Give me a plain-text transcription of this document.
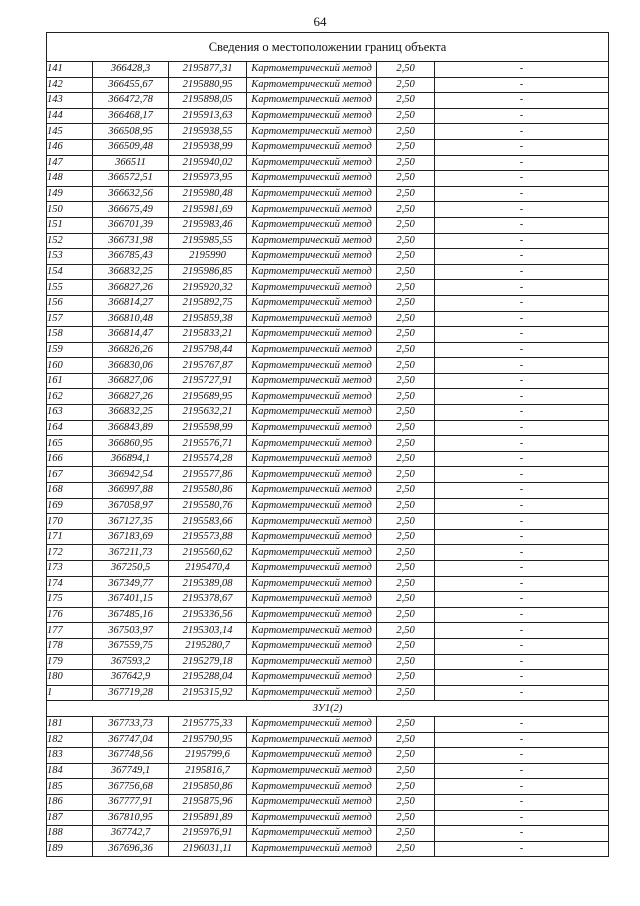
64
Сведения о местоположении границ объекта					
141	366428,3	2195877,31	Картометрический метод	2,50	-
142	366455,67	2195880,95	Картометрический метод	2,50	-
143	366472,78	2195898,05	Картометрический метод	2,50	-
144	366468,17	2195913,63	Картометрический метод	2,50	-
145	366508,95	2195938,55	Картометрический метод	2,50	-
146	366509,48	2195938,99	Картометрический метод	2,50	-
147	366511	2195940,02	Картометрический метод	2,50	-
148	366572,51	2195973,95	Картометрический метод	2,50	-
149	366632,56	2195980,48	Картометрический метод	2,50	-
150	366675,49	2195981,69	Картометрический метод	2,50	-
151	366701,39	2195983,46	Картометрический метод	2,50	-
152	366731,98	2195985,55	Картометрический метод	2,50	-
153	366785,43	2195990	Картометрический метод	2,50	-
154	366832,25	2195986,85	Картометрический метод	2,50	-
155	366827,26	2195920,32	Картометрический метод	2,50	-
156	366814,27	2195892,75	Картометрический метод	2,50	-
157	366810,48	2195859,38	Картометрический метод	2,50	-
158	366814,47	2195833,21	Картометрический метод	2,50	-
159	366826,26	2195798,44	Картометрический метод	2,50	-
160	366830,06	2195767,87	Картометрический метод	2,50	-
161	366827,06	2195727,91	Картометрический метод	2,50	-
162	366827,26	2195689,95	Картометрический метод	2,50	-
163	366832,25	2195632,21	Картометрический метод	2,50	-
164	366843,89	2195598,99	Картометрический метод	2,50	-
165	366860,95	2195576,71	Картометрический метод	2,50	-
166	366894,1	2195574,28	Картометрический метод	2,50	-
167	366942,54	2195577,86	Картометрический метод	2,50	-
168	366997,88	2195580,86	Картометрический метод	2,50	-
169	367058,97	2195580,76	Картометрический метод	2,50	-
170	367127,35	2195583,66	Картометрический метод	2,50	-
171	367183,69	2195573,88	Картометрический метод	2,50	-
172	367211,73	2195560,62	Картометрический метод	2,50	-
173	367250,5	2195470,4	Картометрический метод	2,50	-
174	367349,77	2195389,08	Картометрический метод	2,50	-
175	367401,15	2195378,67	Картометрический метод	2,50	-
176	367485,16	2195336,56	Картометрический метод	2,50	-
177	367503,97	2195303,14	Картометрический метод	2,50	-
178	367559,75	2195280,7	Картометрический метод	2,50	-
179	367593,2	2195279,18	Картометрический метод	2,50	-
180	367642,9	2195288,04	Картометрический метод	2,50	-
1	367719,28	2195315,92	Картометрический метод	2,50	-
ЗУ1(2)					
181	367733,73	2195775,33	Картометрический метод	2,50	-
182	367747,04	2195790,95	Картометрический метод	2,50	-
183	367748,56	2195799,6	Картометрический метод	2,50	-
184	367749,1	2195816,7	Картометрический метод	2,50	-
185	367756,68	2195850,86	Картометрический метод	2,50	-
186	367777,91	2195875,96	Картометрический метод	2,50	-
187	367810,95	2195891,89	Картометрический метод	2,50	-
188	367742,7	2195976,91	Картометрический метод	2,50	-
189	367696,36	2196031,11	Картометрический метод	2,50	-
